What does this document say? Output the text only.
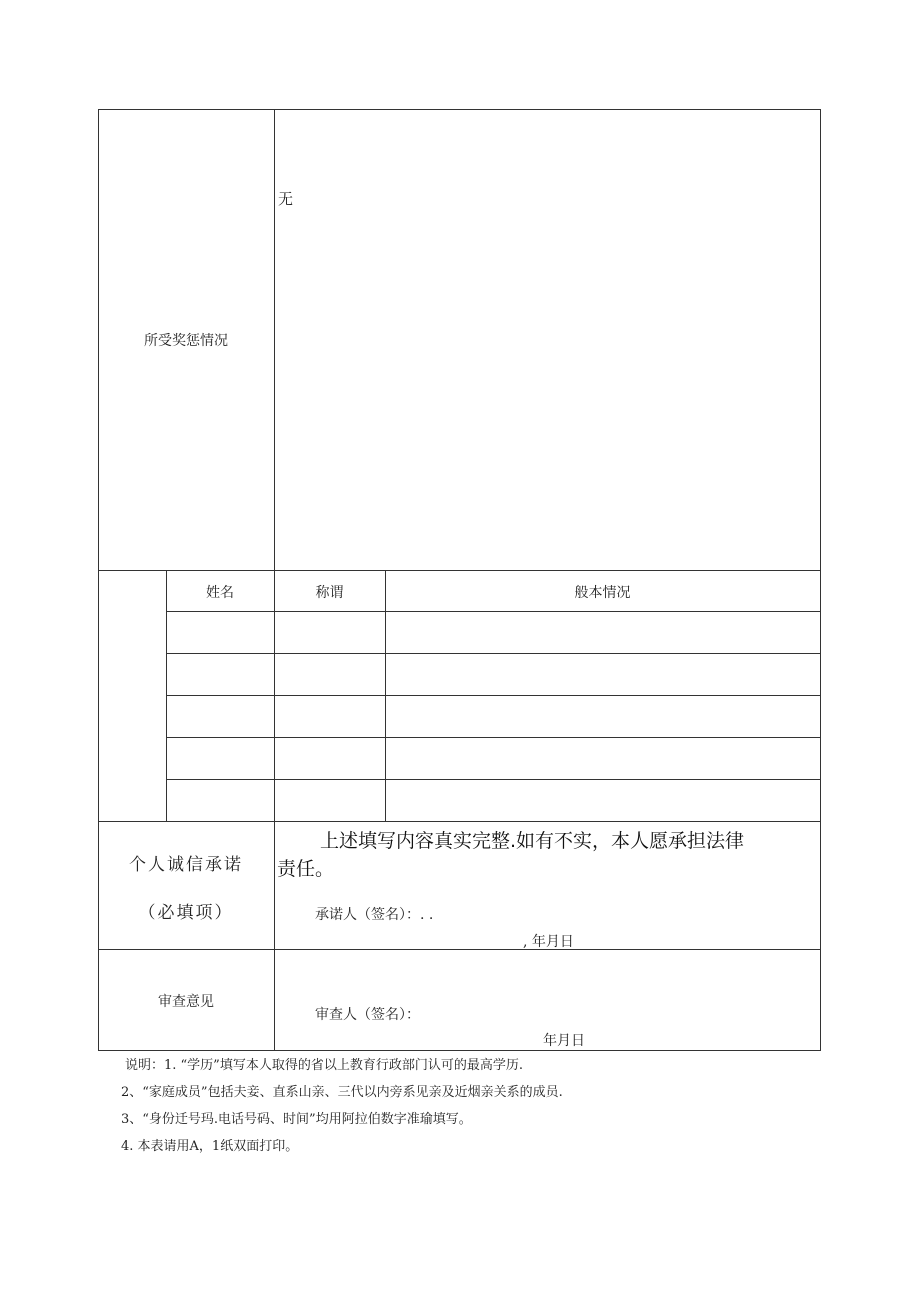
所受奖惩情况
无
姓名	称谓	般本情况
个人诚信承诺
（必填项）
上述填写内容真实完整.如有不实，本人愿承担法律
责任。
承诺人（签名）：. .
, 年月日
审查意见
审查人（签名）：
年月日
说明：1. “学历”填写本人取得的省以上教育行政部门认可的最高学历.
2、“家庭成员”包括夫妾、直系山亲、三代以内旁系见亲及近烟亲关系的成员.
3、“身份迁号玛.电话号码、时间”均用阿拉伯数字准瑜填写。
4. 本表请用A，1纸双面打印。
